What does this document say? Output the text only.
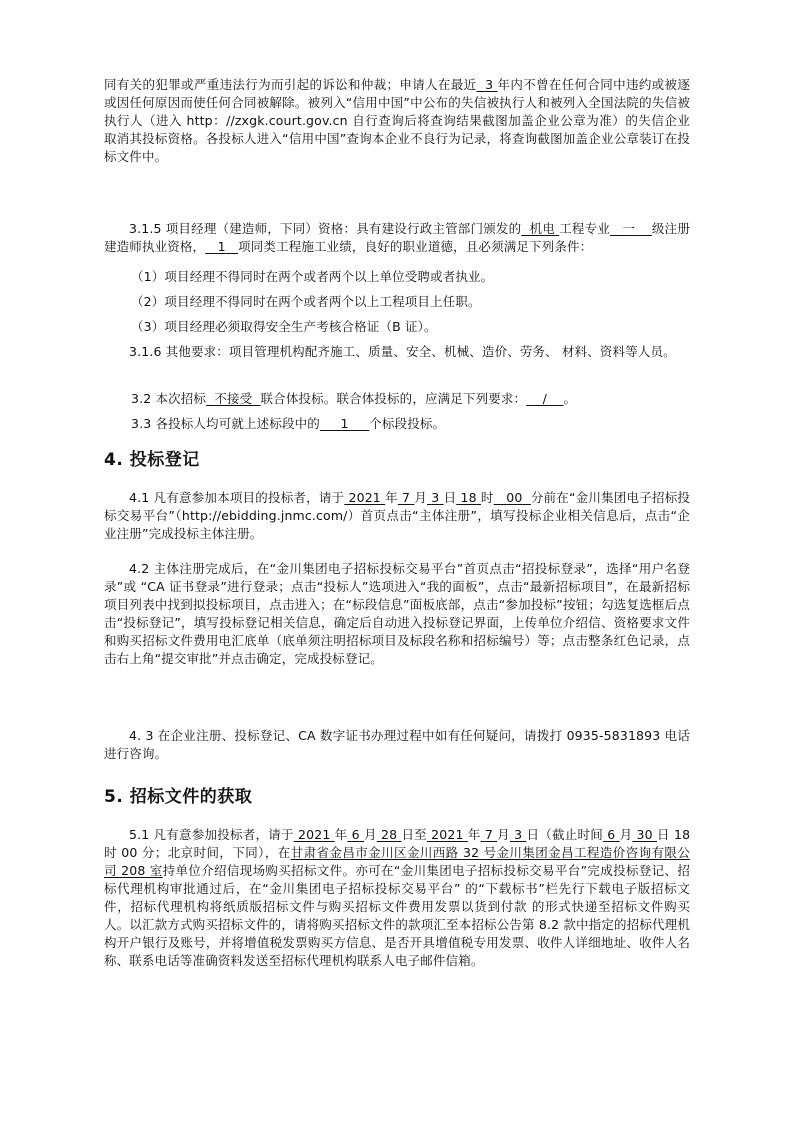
同有关的犯罪或严重违法行为而引起的诉讼和仲裁；申请人在最近 3 年内不曾在任何合同中违约或被逐或因任何原因而使任何合同被解除。被列入“信用中国”中公布的失信被执行人和被列入全国法院的失信被执行人（进入 http：//zxgk.court.gov.cn 自行查询后将查询结果截图加盖企业公章为准）的失信企业取消其投标资格。各投标人进入“信用中国”查询本企业不良行为记录，将查询截图加盖企业公章装订在投标文件中。

3.1.5 项目经理（建造师，下同）资格：具有建设行政主管部门颁发的 机电 工程专业 一 级注册建造师执业资格， 1 项同类工程施工业绩，良好的职业道德，且必须满足下列条件：

（1）项目经理不得同时在两个或者两个以上单位受聘或者执业。
（2）项目经理不得同时在两个或者两个以上工程项目上任职。
（3）项目经理必须取得安全生产考核合格证（B 证）。

3.1.6 其他要求：项目管理机构配齐施工、质量、安全、机械、造价、劳务、 材料、资料等人员。

3.2 本次招标 不接受 联合体投标。联合体投标的，应满足下列要求： / 。
3.3 各投标人均可就上述标段中的 1 个标段投标。
4. 投标登记

4.1 凡有意参加本项目的投标者，请于 2021 年 7 月 3 日 18 时 00 分前在“金川集团电子招标投标交易平台”（http://ebidding.jnmc.com/）首页点击“主体注册”，填写投标企业相关信息后，点击“企业注册”完成投标主体注册。

4.2 主体注册完成后，在“金川集团电子招标投标交易平台”首页点击“招投标登录”，选择“用户名登录”或 “CA 证书登录”进行登录；点击“投标人”选项进入“我的面板”，点击“最新招标项目”，在最新招标项目列表中找到拟投标项目，点击进入；在“标段信息”面板底部，点击“参加投标”按钮；勾选复选框后点击“投标登记”，填写投标登记相关信息，确定后自动进入投标登记界面，上传单位介绍信、资格要求文件和购买招标文件费用电汇底单（底单须注明招标项目及标段名称和招标编号）等；点击整条红色记录，点击右上角“提交审批”并点击确定，完成投标登记。

4. 3 在企业注册、投标登记、CA 数字证书办理过程中如有任何疑问，请拨打 0935-5831893 电话进行咨询。

5. 招标文件的获取

5.1 凡有意参加投标者，请于 2021 年 6 月 28 日至 2021 年 7 月 3 日（截止时间 6 月 30 日 18 时 00 分；北京时间，下同），在甘肃省金昌市金川区金川西路 32 号金川集团金昌工程造价咨询有限公司 208 室持单位介绍信现场购买招标文件。亦可在“金川集团电子招标投标交易平台”完成投标登记、招标代理机构审批通过后，在“金川集团电子招标投标交易平台” 的“下载标书”栏先行下载电子版招标文件，招标代理机构将纸质版招标文件与购买招标文件费用发票以货到付款 的形式快递至招标文件购买人。以汇款方式购买招标文件的，请将购买招标文件的款项汇至本招标公告第 8.2 款中指定的招标代理机构开户银行及账号，并将增值税发票购买方信息、是否开具增值税专用发票、收件人详细地址、收件人名称、联系电话等准确资料发送至招标代理机构联系人电子邮件信箱。
